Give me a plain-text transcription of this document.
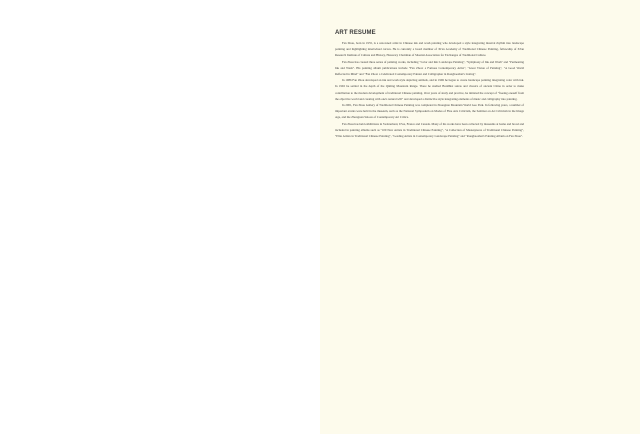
ART RESUME

Fan Zhou, born in 1955, is a renowned artist in Chinese ink and wash painting who developed a style integrating musical rhythm into landscape painting and highlighting intertwined curves. He is currently a board member of Xi'an Academy of Traditional Chinese Painting, fellowship of Xi'an Research Institute of Culture and History, Honorary Chairman of Shaanxi Association for Exchanges of Traditional Culture.

Fan Zhou has created three series of painting works, including "Color and Ink: Landscape Painting", "Symphony of Ink and Wash" and "Permeating Ink and Wash". His painting album publications include "Fan Zhou: a Famous Contemporary Artist", "Great Vision of Painting", "A Good World Reflected in Mind" and "Fan Zhou: a Celebrated Contemporary Painter and Calligrapher in Rongbaozhai's Listing".

In 1986 Fan Zhou developed an ink and wash style depicting animals, and in 1996 he began to create landscape painting integrating color with ink. In 1992 he settled in the depth of the Qinling Mountain Range. There he studied Buddhist sutras and classics of ancient China in order to make contribution to the modern development of traditional Chinese painting. Over years of study and practice, he initiated the concept of "freeing oneself from the objective world and creating with one's natural will" and developed a distinctive style integrating elements of music and calligraphy into painting.

In 2001, Fan Zhou Gallery of Traditional Chinese Painting was completed in Zhongnan Mountain World Geo Park. In following years, a number of important events were held in the museum, such as the National Symposium on Modes of Fine Arts Criticism, the Seminar on Art Criticism in the Image Age, and the Zhongnan Saloon of Contemporary Art Critics.

Fan Zhou has held exhibitions in Switzerland, USA, France and Canada. Many of his works have been collected by museums at home and broad and included in painting albums such as "100 New Artists in Traditional Chinese Painting", "A Collection of Masterpieces of Traditional Chinese Painting", "Elite Artists in Traditional Chinese Painting", "Leading Artists in Contemporary Landscape Painting" and "Rongbaozhai's Painting Album on Fan Zhou".
